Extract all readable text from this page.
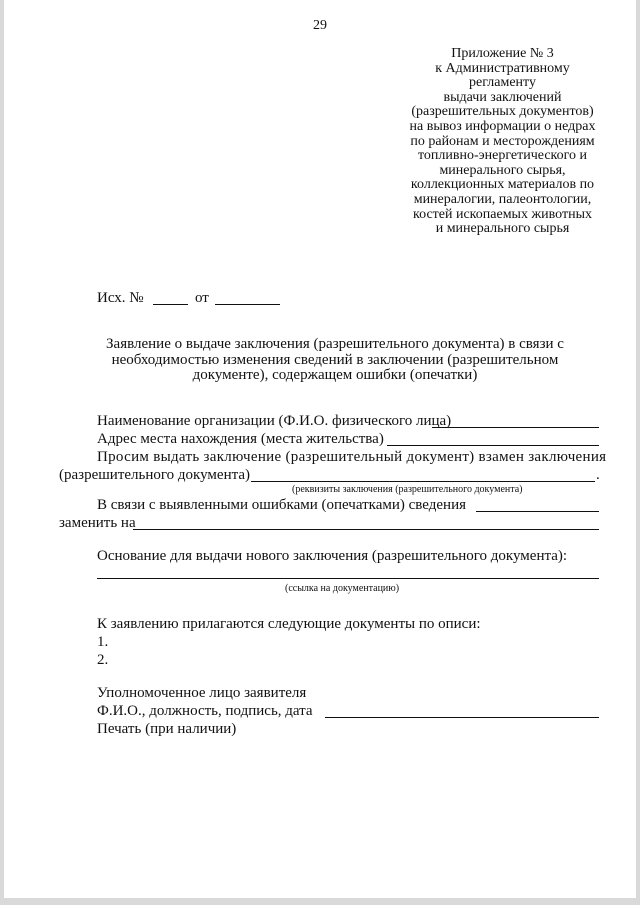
29
Приложение № 3
к Административному
регламенту
выдачи заключений
(разрешительных документов)
на вывоз информации о недрах
по районам и месторождениям
топливно-энергетического и
минерального сырья,
коллекционных материалов по
минералогии, палеонтологии,
костей ископаемых животных
и минерального сырья
Исх. №	от
Заявление о выдаче заключения (разрешительного документа) в связи с
необходимостью изменения сведений в заключении (разрешительном
документе), содержащем ошибки (опечатки)
Наименование организации (Ф.И.О. физического лица)
Адрес места нахождения (места жительства)
Просим выдать заключение (разрешительный документ) взамен заключения
(разрешительного документа)	.
(реквизиты заключения (разрешительного документа)
В связи с выявленными ошибками (опечатками) сведения
заменить на
Основание для выдачи нового заключения (разрешительного документа):
(ссылка на документацию)
К заявлению прилагаются следующие документы по описи:
1.
2.
Уполномоченное лицо заявителя
Ф.И.О., должность, подпись, дата
Печать (при наличии)
